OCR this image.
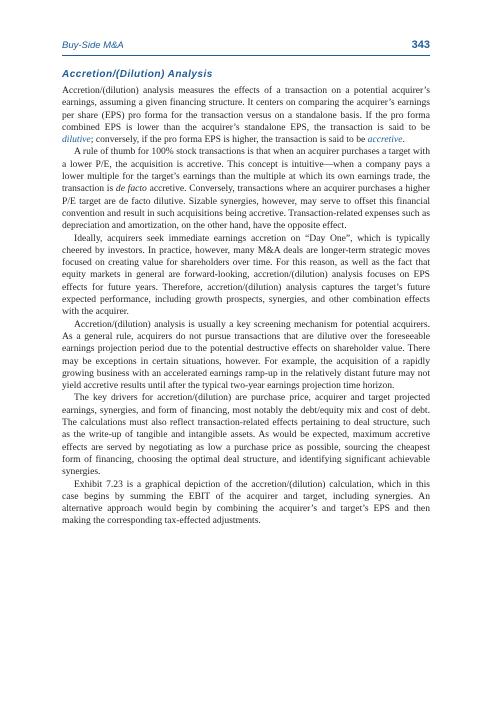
Buy-Side M&A	343
Accretion/(Dilution) Analysis

Accretion/(dilution) analysis measures the effects of a transaction on a potential acquirer’s earnings, assuming a given financing structure. It centers on comparing the acquirer’s earnings per share (EPS) pro forma for the transaction versus on a standalone basis. If the pro forma combined EPS is lower than the acquirer’s standalone EPS, the transaction is said to be dilutive; conversely, if the pro forma EPS is higher, the transaction is said to be accretive.

A rule of thumb for 100% stock transactions is that when an acquirer purchases a target with a lower P/E, the acquisition is accretive. This concept is intuitive—when a company pays a lower multiple for the target’s earnings than the multiple at which its own earnings trade, the transaction is de facto accretive. Conversely, transactions where an acquirer purchases a higher P/E target are de facto dilutive. Sizable synergies, however, may serve to offset this financial convention and result in such acquisitions being accretive. Transaction-related expenses such as depreciation and amortization, on the other hand, have the opposite effect.

Ideally, acquirers seek immediate earnings accretion on “Day One”, which is typically cheered by investors. In practice, however, many M&A deals are longer-term strategic moves focused on creating value for shareholders over time. For this reason, as well as the fact that equity markets in general are forward-looking, accretion/(dilution) analysis focuses on EPS effects for future years. Therefore, accretion/(dilution) analysis captures the target’s future expected performance, including growth prospects, synergies, and other combination effects with the acquirer.

Accretion/(dilution) analysis is usually a key screening mechanism for potential acquirers. As a general rule, acquirers do not pursue transactions that are dilutive over the foreseeable earnings projection period due to the potential destructive effects on shareholder value. There may be exceptions in certain situations, however. For example, the acquisition of a rapidly growing business with an accelerated earnings ramp-up in the relatively distant future may not yield accretive results until after the typical two-year earnings projection time horizon.

The key drivers for accretion/(dilution) are purchase price, acquirer and target projected earnings, synergies, and form of financing, most notably the debt/equity mix and cost of debt. The calculations must also reflect transaction-related effects pertaining to deal structure, such as the write-up of tangible and intangible assets. As would be expected, maximum accretive effects are served by negotiating as low a purchase price as possible, sourcing the cheapest form of financing, choosing the optimal deal structure, and identifying significant achievable synergies.

Exhibit 7.23 is a graphical depiction of the accretion/(dilution) calculation, which in this case begins by summing the EBIT of the acquirer and target, including synergies. An alternative approach would begin by combining the acquirer’s and target’s EPS and then making the corresponding tax-effected adjustments.
